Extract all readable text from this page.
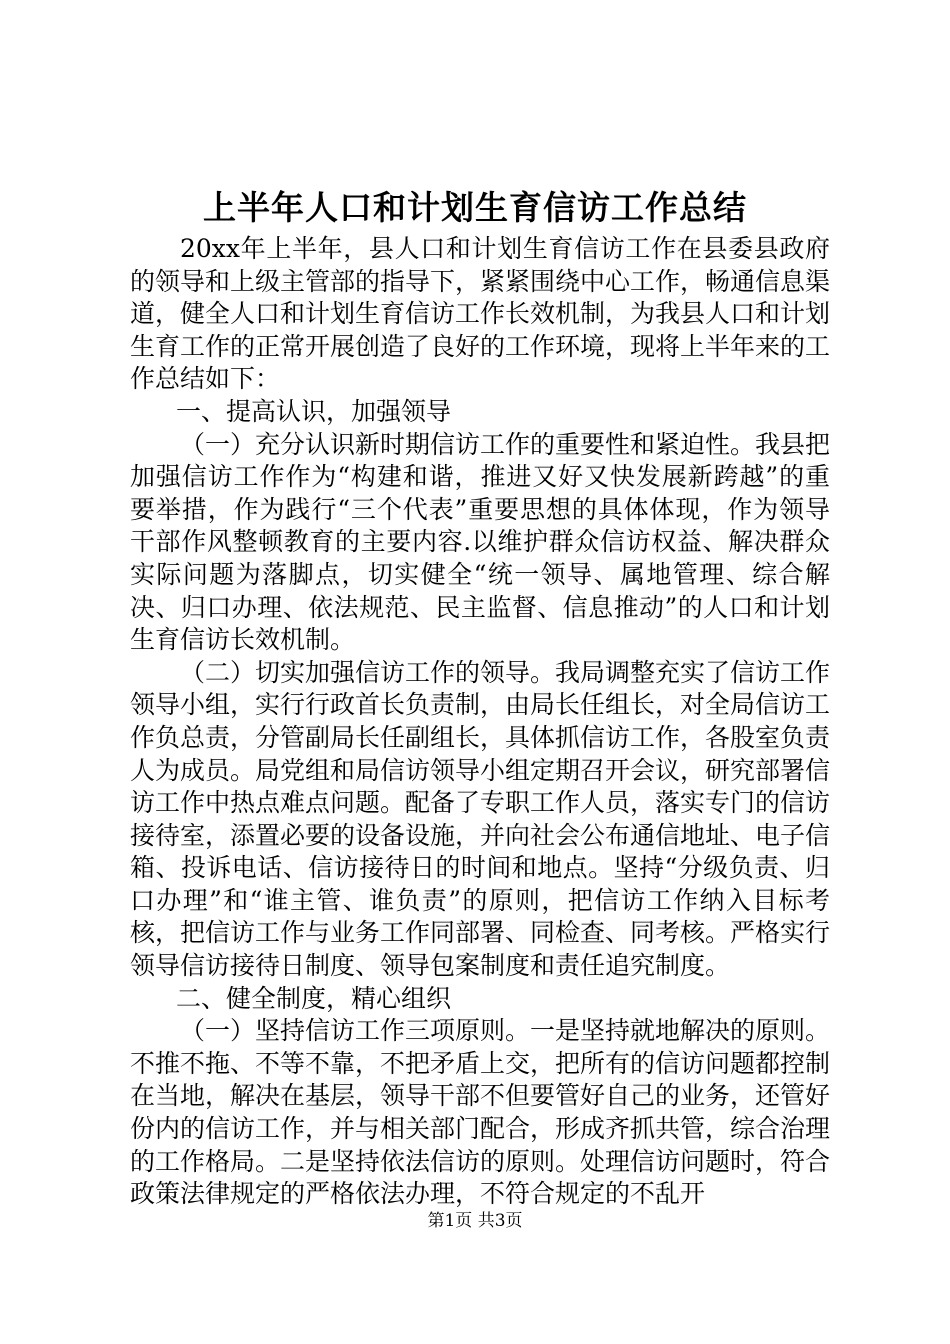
上半年人口和计划生育信访工作总结

20xx年上半年，县人口和计划生育信访工作在县委县政府的领导和上级主管部的指导下，紧紧围绕中心工作，畅通信息渠道，健全人口和计划生育信访工作长效机制，为我县人口和计划生育工作的正常开展创造了良好的工作环境，现将上半年来的工作总结如下：

一、提高认识，加强领导

（一）充分认识新时期信访工作的重要性和紧迫性。我县把加强信访工作作为“构建和谐，推进又好又快发展新跨越”的重要举措，作为践行“三个代表”重要思想的具体体现，作为领导干部作风整顿教育的主要内容.以维护群众信访权益、解决群众实际问题为落脚点，切实健全“统一领导、属地管理、综合解决、归口办理、依法规范、民主监督、信息推动”的人口和计划生育信访长效机制。

（二）切实加强信访工作的领导。我局调整充实了信访工作领导小组，实行行政首长负责制，由局长任组长，对全局信访工作负总责，分管副局长任副组长，具体抓信访工作，各股室负责人为成员。局党组和局信访领导小组定期召开会议，研究部署信访工作中热点难点问题。配备了专职工作人员，落实专门的信访接待室，添置必要的设备设施，并向社会公布通信地址、电子信箱、投诉电话、信访接待日的时间和地点。坚持“分级负责、归口办理”和“谁主管、谁负责”的原则，把信访工作纳入目标考核，把信访工作与业务工作同部署、同检查、同考核。严格实行领导信访接待日制度、领导包案制度和责任追究制度。

二、健全制度，精心组织

（一）坚持信访工作三项原则。一是坚持就地解决的原则。不推不拖、不等不靠，不把矛盾上交，把所有的信访问题都控制在当地，解决在基层，领导干部不但要管好自己的业务，还管好份内的信访工作，并与相关部门配合，形成齐抓共管，综合治理的工作格局。二是坚持依法信访的原则。处理信访问题时，符合政策法律规定的严格依法办理，不符合规定的不乱开

第1页 共3页
